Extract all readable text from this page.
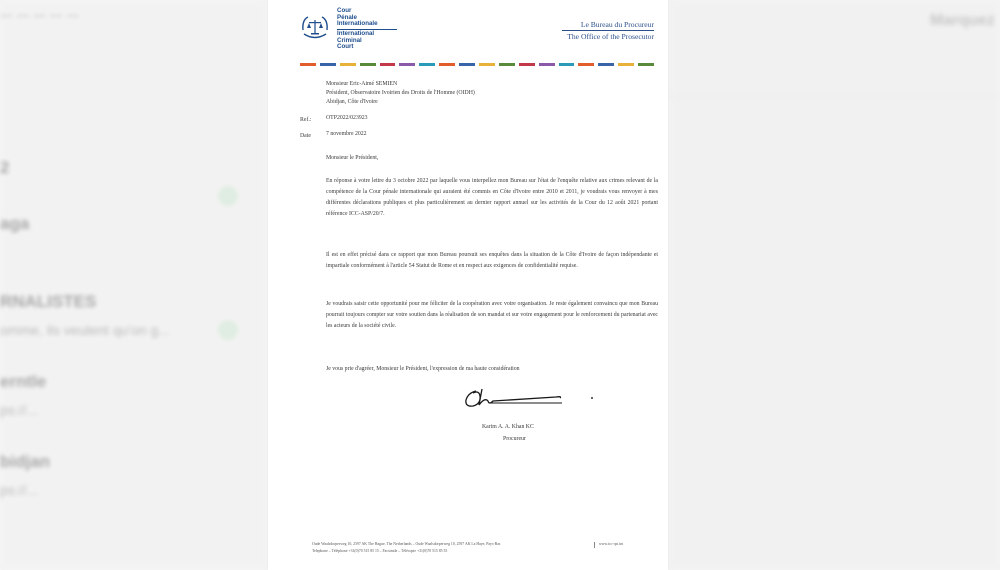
... ... ... ... ...
2
aga
RNALISTES
omme, ils veulent qu'on g...
erntle
ps://...
bidjan
ps://...
Marquez
Cour
Pénale
Internationale
International
Criminal
Court
Le Bureau du Procureur
The Office of the Prosecutor
Monsieur Eric-Aimé SEMIEN
Président, Observatoire Ivoirien des Droits de l'Homme (OIDH)
Abidjan, Côte d'Ivoire
Ref.:	OTP2022/023923
Date	7 novembre 2022
Monsieur le Président,
En réponse à votre lettre du 3 octobre 2022 par laquelle vous interpellez mon Bureau sur l'état de l'enquête relative aux crimes relevant de la compétence de la Cour pénale internationale qui auraient été commis en Côte d'Ivoire entre 2010 et 2011, je voudrais vous renvoyer à mes différentes déclarations publiques et plus particulièrement au dernier rapport annuel sur les activités de la Cour du 12 août 2021 portant référence ICC-ASP/20/7.
Il est en effet précisé dans ce rapport que mon Bureau poursuit ses enquêtes dans la situation de la Côte d'Ivoire de façon indépendante et impartiale conformément à l'article 54 Statut de Rome et en respect aux exigences de confidentialité requise.
Je voudrais saisir cette opportunité pour me féliciter de la coopération avec votre organisation. Je reste également convaincu que mon Bureau pourrait toujours compter sur votre soutien dans la réalisation de son mandat et sur votre engagement pour le renforcement du partenariat avec les acteurs de la société civile.
Je vous prie d'agréer, Monsieur le Président, l'expression de ma haute considération
Karim A. A. Khan KC
Procureur
Oude Waalsdorperweg 10, 2597 AK The Hague, The Netherlands – Oude Waalsdorperweg 10, 2597 AK La Haye, Pays-Bas
Telephone – Téléphone +31(0)70 515 85 15 – Facsimile – Télécopie +31(0)70 515 85 55
www.icc-cpi.int
